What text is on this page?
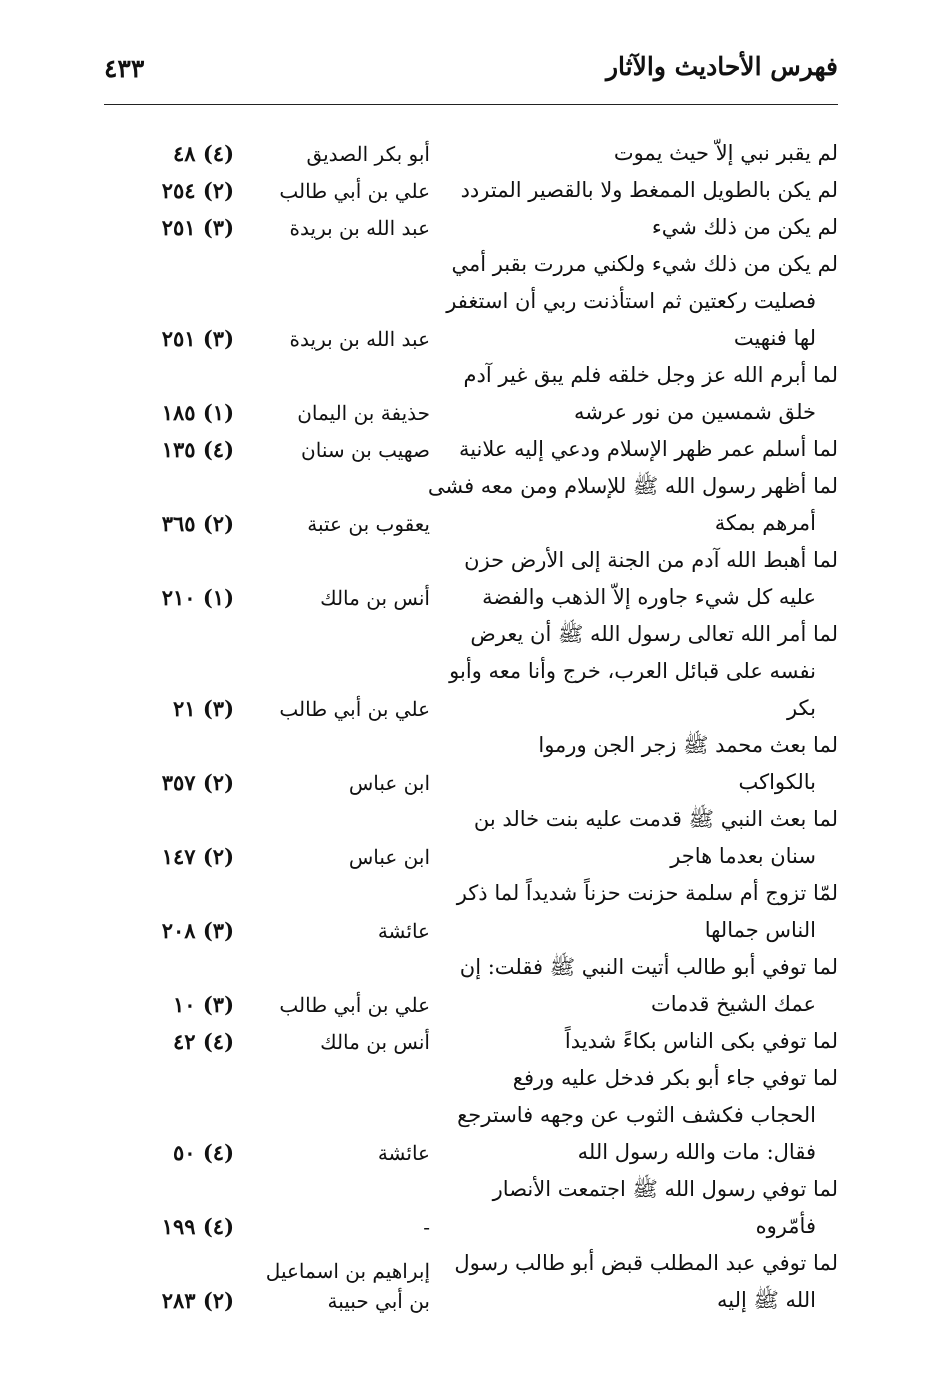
فهرس الأحاديث والآثار
٤٣٣
لم يقبر نبي إلاّ حيث يموت
أبو بكر الصديق
(٤) ٤٨
لم يكن بالطويل الممغط ولا بالقصير المتردد
علي بن أبي طالب
(٢) ٢٥٤
لم يكن من ذلك شيء
عبد الله بن بريدة
(٣) ٢٥١
لم يكن من ذلك شيء ولكني مررت بقبر أمي
فصليت ركعتين ثم استأذنت ربي أن استغفر
لها فنهيت
عبد الله بن بريدة
(٣) ٢٥١
لما أبرم الله عز وجل خلقه فلم يبق غير آدم
خلق شمسين من نور عرشه
حذيفة بن اليمان
(١) ١٨٥
لما أسلم عمر ظهر الإسلام ودعي إليه علانية
صهيب بن سنان
(٤) ١٣٥
لما أظهر رسول الله ﷺ للإسلام ومن معه فشى
أمرهم بمكة
يعقوب بن عتبة
(٢) ٣٦٥
لما أهبط الله آدم من الجنة إلى الأرض حزن
عليه كل شيء جاوره إلاّ الذهب والفضة
أنس بن مالك
(١) ٢١٠
لما أمر الله تعالى رسول الله ﷺ أن يعرض
نفسه على قبائل العرب، خرج وأنا معه وأبو
بكر
علي بن أبي طالب
(٣) ٢١
لما بعث محمد ﷺ زجر الجن ورموا
بالكواكب
ابن عباس
(٢) ٣٥٧
لما بعث النبي ﷺ قدمت عليه بنت خالد بن
سنان بعدما هاجر
ابن عباس
(٢) ١٤٧
لمّا تزوج أم سلمة حزنت حزناً شديداً لما ذكر
الناس جمالها
عائشة
(٣) ٢٠٨
لما توفي أبو طالب أتيت النبي ﷺ فقلت: إن
عمك الشيخ قدمات
علي بن أبي طالب
(٣) ١٠
لما توفي بكى الناس بكاءً شديداً
أنس بن مالك
(٤) ٤٢
لما توفي جاء أبو بكر فدخل عليه ورفع
الحجاب فكشف الثوب عن وجهه فاسترجع
فقال: مات والله رسول الله
عائشة
(٤) ٥٠
لما توفي رسول الله ﷺ اجتمعت الأنصار
فأمّروه
-
(٤) ١٩٩
لما توفي عبد المطلب قبض أبو طالب رسول
الله ﷺ إليه
إبراهيم بن اسماعيل بن أبي حبيبة
(٢) ٢٨٣
